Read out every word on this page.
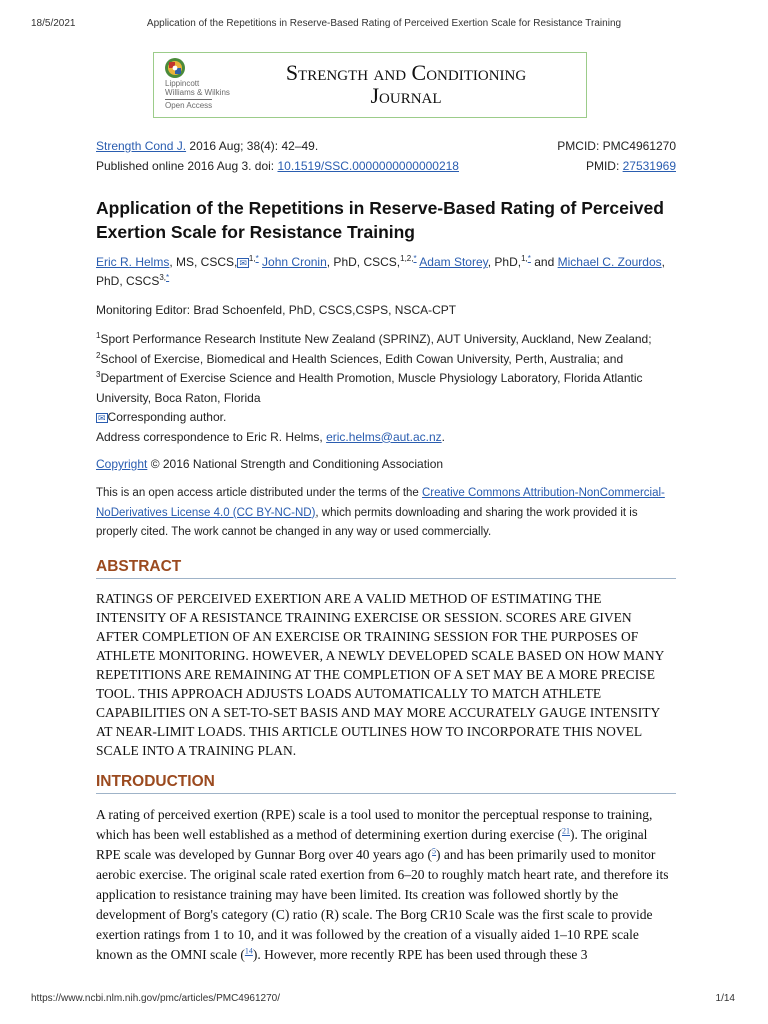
18/5/2021	Application of the Repetitions in Reserve-Based Rating of Perceived Exertion Scale for Resistance Training
Lippincott
Williams & Wilkins
Open Access
Strength and Conditioning
Journal
Strength Cond J. 2016 Aug; 38(4): 42–49.	PMCID: PMC4961270
Published online 2016 Aug 3. doi: 10.1519/SSC.0000000000000218	PMID: 27531969
Application of the Repetitions in Reserve-Based Rating of Perceived Exertion Scale for Resistance Training
Eric R. Helms, MS, CSCS, ✉ $^{1,*}$ John Cronin, PhD, CSCS,$^{1,2,*}$ Adam Storey, PhD,$^{1,*}$ and Michael C. Zourdos,
PhD, CSCS$^{3,*}$
Monitoring Editor: Brad Schoenfeld, PhD, CSCS,CSPS, NSCA-CPT
$^1$Sport Performance Research Institute New Zealand (SPRINZ), AUT University, Auckland, New Zealand;
$^2$School of Exercise, Biomedical and Health Sciences, Edith Cowan University, Perth, Australia; and
$^3$Department of Exercise Science and Health Promotion, Muscle Physiology Laboratory, Florida Atlantic University, Boca Raton, Florida
✉ Corresponding author.
Address correspondence to Eric R. Helms, eric.helms@aut.ac.nz.
Copyright © 2016 National Strength and Conditioning Association
This is an open access article distributed under the terms of the Creative Commons Attribution-NonCommercial-NoDerivatives License 4.0 (CC BY-NC-ND), which permits downloading and sharing the work provided it is properly cited. The work cannot be changed in any way or used commercially.
ABSTRACT
RATINGS OF PERCEIVED EXERTION ARE A VALID METHOD OF ESTIMATING THE INTENSITY OF A RESISTANCE TRAINING EXERCISE OR SESSION. SCORES ARE GIVEN AFTER COMPLETION OF AN EXERCISE OR TRAINING SESSION FOR THE PURPOSES OF ATHLETE MONITORING. HOWEVER, A NEWLY DEVELOPED SCALE BASED ON HOW MANY REPETITIONS ARE REMAINING AT THE COMPLETION OF A SET MAY BE A MORE PRECISE TOOL. THIS APPROACH ADJUSTS LOADS AUTOMATICALLY TO MATCH ATHLETE CAPABILITIES ON A SET-TO-SET BASIS AND MAY MORE ACCURATELY GAUGE INTENSITY AT NEAR-LIMIT LOADS. THIS ARTICLE OUTLINES HOW TO INCORPORATE THIS NOVEL SCALE INTO A TRAINING PLAN.
INTRODUCTION
A rating of perceived exertion (RPE) scale is a tool used to monitor the perceptual response to training, which has been well established as a method of determining exertion during exercise ($^{21}$). The original RPE scale was developed by Gunnar Borg over 40 years ago ($^5$) and has been primarily used to monitor aerobic exercise. The original scale rated exertion from 6–20 to roughly match heart rate, and therefore its application to resistance training may have been limited. Its creation was followed shortly by the development of Borg's category (C) ratio (R) scale. The Borg CR10 Scale was the first scale to provide exertion ratings from 1 to 10, and it was followed by the creation of a visually aided 1–10 RPE scale known as the OMNI scale ($^{14}$). However, more recently RPE has been used through these 3
https://www.ncbi.nlm.nih.gov/pmc/articles/PMC4961270/	1/14
